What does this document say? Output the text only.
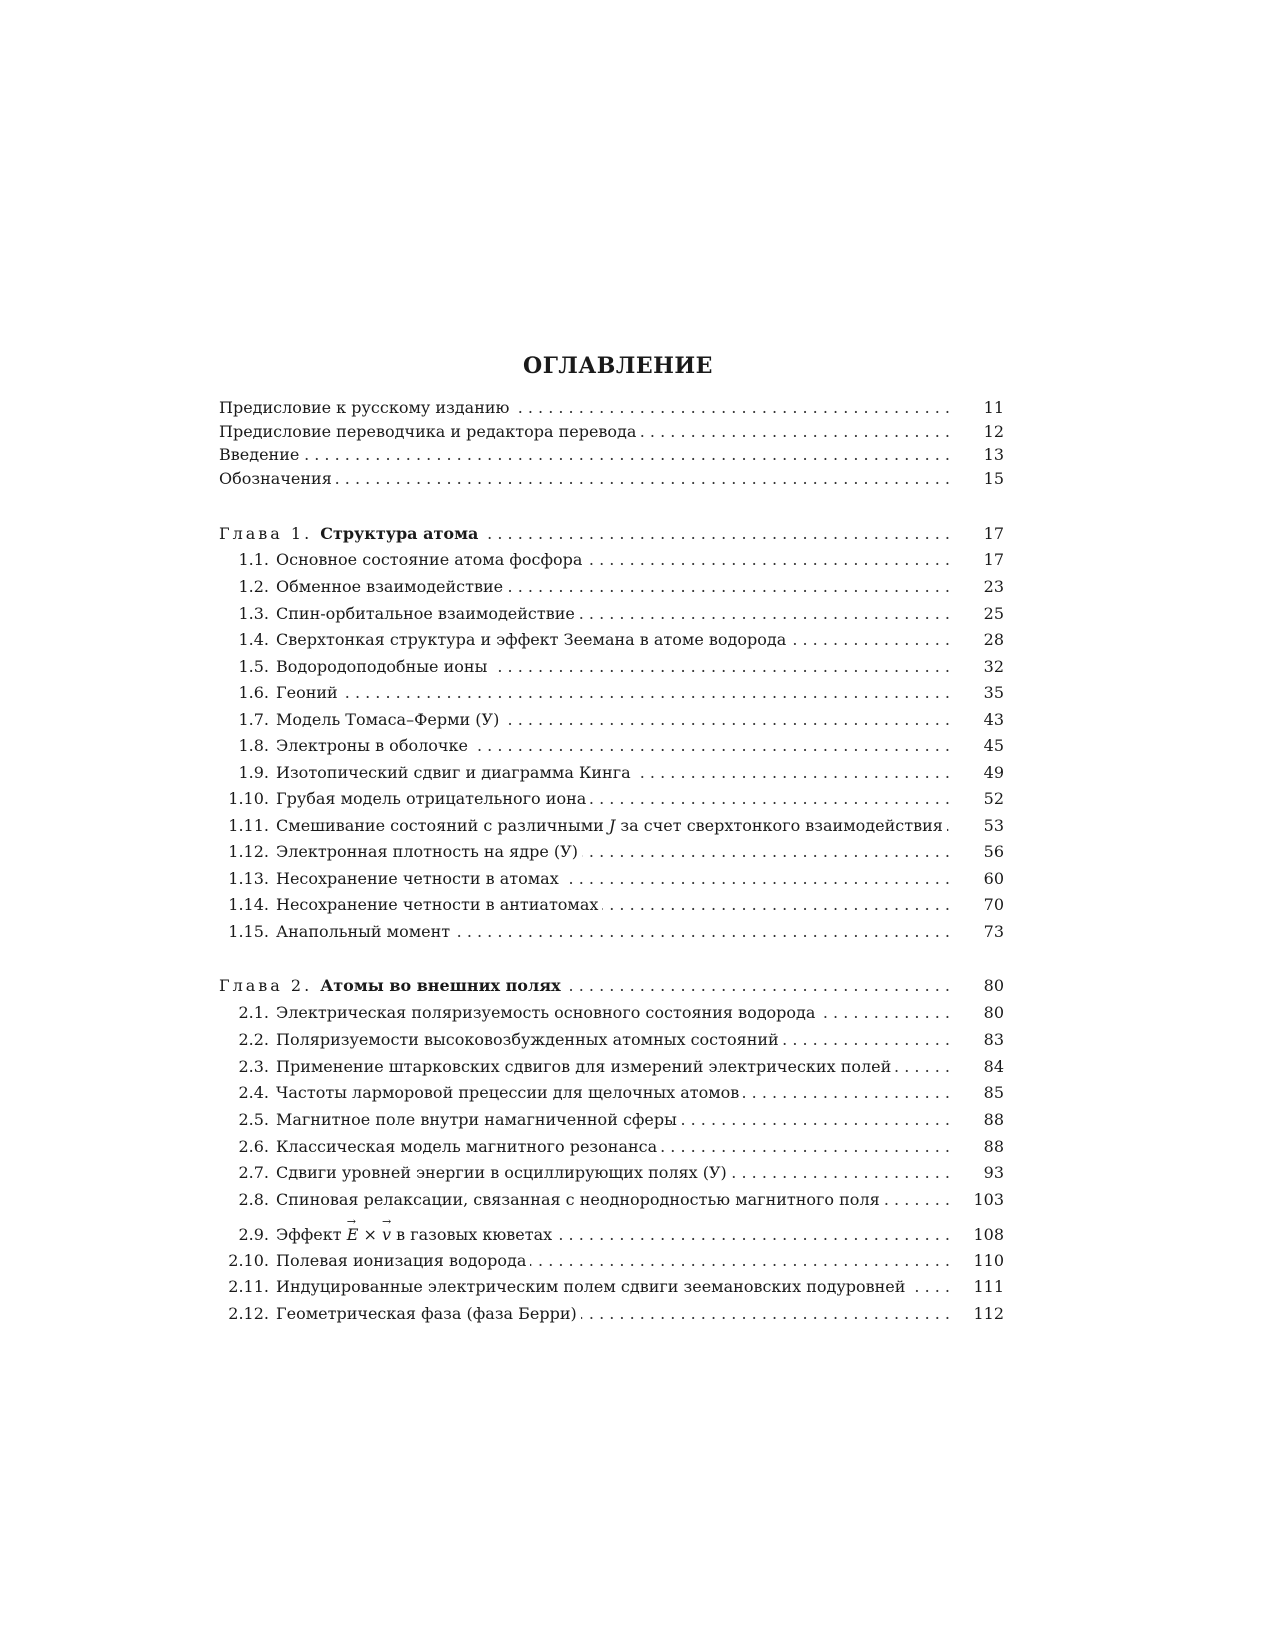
ОГЛАВЛЕНИЕ
Предисловие к русскому изданию . . .	11
Предисловие переводчика и редактора перевода . . .	12
Введение . . .	13
Обозначения . . .	15
Глава 1. Структура атома . . .	17
1.1. Основное состояние атома фосфора . . .	17
1.2. Обменное взаимодействие . . .	23
1.3. Спин-орбитальное взаимодействие . . .	25
1.4. Сверхтонкая структура и эффект Зеемана в атоме водорода . . .	28
1.5. Водородоподобные ионы . . .	32
1.6. Геоний . . .	35
1.7. Модель Томаса–Ферми (У) . . .	43
1.8. Электроны в оболочке . . .	45
1.9. Изотопический сдвиг и диаграмма Кинга . . .	49
1.10. Грубая модель отрицательного иона . . .	52
1.11. Смешивание состояний с различными J за счет сверхтонкого взаимодействия . . .	53
1.12. Электронная плотность на ядре (У) . . .	56
1.13. Несохранение четности в атомах . . .	60
1.14. Несохранение четности в антиатомах . . .	70
1.15. Анапольный момент . . .	73
Глава 2. Атомы во внешних полях . . .	80
2.1. Электрическая поляризуемость основного состояния водорода . . .	80
2.2. Поляризуемости высоковозбужденных атомных состояний . . .	83
2.3. Применение штарковских сдвигов для измерений электрических полей . . .	84
2.4. Частоты ларморовой прецессии для щелочных атомов . . .	85
2.5. Магнитное поле внутри намагниченной сферы . . .	88
2.6. Классическая модель магнитного резонанса . . .	88
2.7. Сдвиги уровней энергии в осциллирующих полях (У) . . .	93
2.8. Спиновая релаксации, связанная с неоднородностью магнитного поля . . .	103
2.9. Эффект E → × v → в газовых кюветах . . .	108
2.10. Полевая ионизация водорода . . .	110
2.11. Индуцированные электрическим полем сдвиги зеемановских подуровней . . .	111
2.12. Геометрическая фаза (фаза Берри) . . .	112
